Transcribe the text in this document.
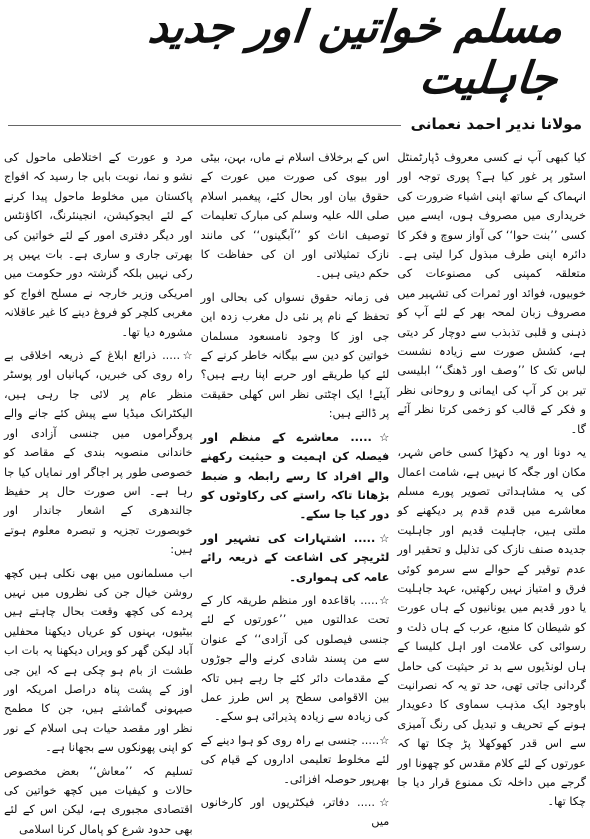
مسلم خواتین اور جدید جاہلیت
مولانا ندیر احمد نعمانی

کیا کبھی آپ نے کسی معروف ڈپارٹمنٹل اسٹور پر غور کیا ہے؟ پوری توجہ اور انہماک کے ساتھ اپنی اشیاء ضرورت کی خریداری میں مصروف ہوں، ایسے میں کسی ’’بنت حوا‘‘ کی آواز سوچ و فکر کا دائرہ اپنی طرف مبذول کرا لیتی ہے۔ متعلقہ کمپنی کی مصنوعات کی خوبیوں، فوائد اور ثمرات کی تشہیر میں مصروف زبان لمحہ بھر کے لئے آپ کو ذہنی و قلبی تذبذب سے دوچار کر دیتی ہے، کشش صورت سے زیادہ نشست لباس تک کا ’’وصف اور ڈھنگ‘‘ ابلیسی تیر بن کر آپ کی ایمانی و روحانی نظر و فکر کے قالب کو زخمی کرتا نظر آئے گا۔

یہ دونا اور یہ دکھڑا کسی خاص شہر، مکان اور جگہ کا نہیں ہے، شامت اعمال کی یہ مشاہداتی تصویر پورے مسلم معاشرے میں قدم قدم پر دیکھنے کو ملتی ہیں، جاہلیت قدیم اور جاہلیت جدیدہ صنف نازک کی تذلیل و تحقیر اور عدم توقیر کے حوالے سے سرمو کوئی فرق و امتیاز نہیں رکھتیں، عہد جاہلیت یا دور قدیم میں یونانیوں کے ہاں عورت کو شیطان کا منبع، عرب کے ہاں ذلت و رسوائی کی علامت اور اہل کلیسا کے ہاں لونڈیوں سے بد تر حیثیت کی حامل گردانی جاتی تھی، حد تو یہ کہ نصرانیت باوجود ایک مذہب سماوی کا دعویدار ہونے کے تحریف و تبدیل کی رنگ آمیزی سے اس قدر کھوکھلا پڑ چکا تھا کہ عورتوں کے لئے کلام مقدس کو چھونا اور گرجے میں داخلہ تک ممنوع قرار دیا جا چکا تھا۔

اس کے برخلاف اسلام نے ماں، بہن، بیٹی اور بیوی کی صورت میں عورت کے حقوق بیان اور بحال کئے، پیغمبر اسلام صلی اللہ علیہ وسلم کی مبارک تعلیمات توصیف اناث کو ’’آبگینوں‘‘ کی مانند نازک تمثیلاتی اور ان کی حفاظت کا حکم دیتی ہیں۔

فی زمانہ حقوق نسواں کی بحالی اور تحفظ کے نام پر نئی دل مغرب زدہ این جی اوز کا وجود نامسعود مسلمان خواتین کو دین سے بیگانہ خاطر کرنے کے لئے کیا طریقے اور حربے اپنا رہے ہیں؟ آیئے! ایک اچٹتی نظر اس کھلی حقیقت پر ڈالتے ہیں:

☆..... معاشرے کے منظم اور فیصلہ کن اہمیت و حیثیت رکھنے والے افراد کا رسے رابطہ و ضبط بڑھانا تاکہ راستے کی رکاوٹوں کو دور کیا جا سکے۔

☆..... اشتہارات کی تشہیر اور لٹریچر کی اشاعت کے ذریعہ رائے عامہ کی ہمواری۔

☆..... باقاعدہ اور منظم طریقہ کار کے تحت عدالتوں میں ’’عورتوں کے لئے جنسی فیصلوں کی آزادی‘‘ کے عنوان سے من پسند شادی کرنے والے جوڑوں کے مقدمات دائر کئے جا رہے ہیں تاکہ بین الاقوامی سطح پر اس طرز عمل کی زیادہ سے زیادہ پذیرائی ہو سکے۔

☆..... جنسی بے راہ روی کو ہوا دینے کے لئے مخلوط تعلیمی اداروں کے قیام کی بھرپور حوصلہ افزائی۔

☆..... دفاتر، فیکٹریوں اور کارخانوں میں

مرد و عورت کے اختلاطی ماحول کی نشو و نما، نوبت بایں جا رسید کہ افواج پاکستان میں مخلوط ماحول پیدا کرنے کے لئے ایجوکیشن، انجینئرنگ، اکاؤنٹس اور دیگر دفتری امور کے لئے خواتین کی بھرتی جاری و ساری ہے۔ بات یہیں پر رکی نہیں بلکہ گزشتہ دور حکومت میں امریکی وزیر خارجہ نے مسلح افواج کو مغربی کلچر کو فروغ دینے کا غیر عاقلانہ مشورہ دیا تھا۔

☆..... ذرائع ابلاغ کے ذریعہ اخلاقی بے راہ روی کی خبریں، کہانیاں اور پوسٹر منظر عام پر لائی جا رہی ہیں، الیکٹرانک میڈیا سے پیش کئے جانے والے پروگراموں میں جنسی آزادی اور خاندانی منصوبہ بندی کے مقاصد کو خصوصی طور پر اجاگر اور نمایاں کیا جا رہا ہے۔ اس صورت حال پر حفیظ جالندھری کے اشعار جاندار اور خوبصورت تجزیہ و تبصرہ معلوم ہوتے ہیں:

اب مسلمانوں میں بھی نکلی ہیں کچھ روشن خیال جن کی نظروں میں نہیں پردے کی کچھ وقعت بحال چاہتے ہیں بیٹیوں، بہنوں کو عریاں دیکھنا محفلیں آباد لیکن گھر کو ویراں دیکھنا یہ بات اب طشت از بام ہو چکی ہے کہ این جی اوز کے پشت پناہ دراصل امریکہ اور صیہونی گماشتے ہیں، جن کا مطمح نظر اور مقصد حیات ہی اسلام کے نور کو اپنی پھونکوں سے بجھانا ہے۔

تسلیم کہ ’’معاش‘‘ بعض مخصوص حالات و کیفیات میں کچھ خواتین کی اقتصادی مجبوری ہے، لیکن اس کے لئے بھی حدود شرع کو پامال کرنا اسلامی
